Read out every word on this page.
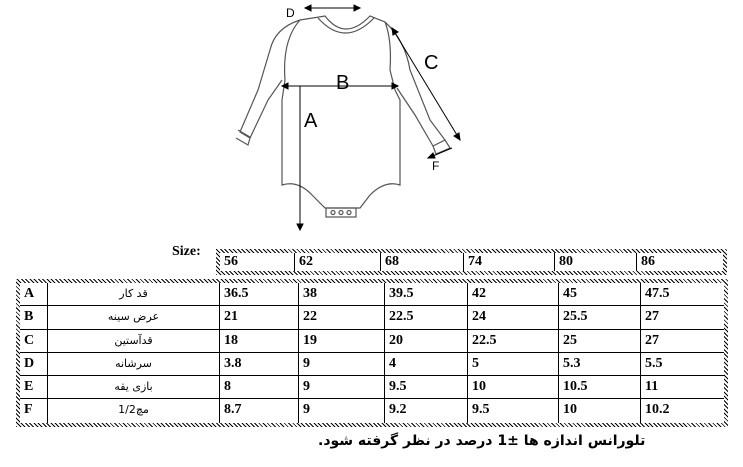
D
B
A
C
F
Size:
56	62	68	74	80	86
A	قد کار	36.5	38	39.5	42	45	47.5
B	عرض سینه	21	22	22.5	24	25.5	27
C	قدآستین	18	19	20	22.5	25	27
D	سرشانه	3.8	9	4	5	5.3	5.5
E	بازی یقه	8	9	9.5	10	10.5	11
F	مچ1/2	8.7	9	9.2	9.5	10	10.2
تلورانس اندازه ها ±1 درصد در نظر گرفته شود.
